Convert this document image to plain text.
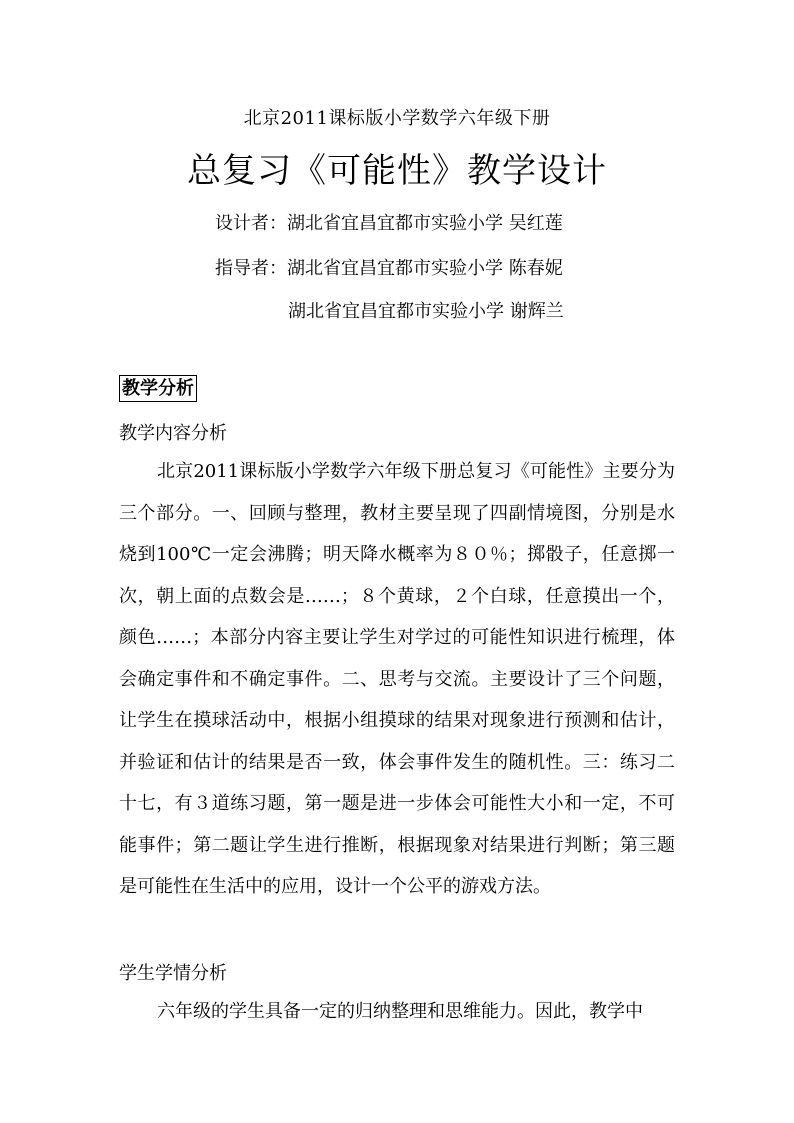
北京2011课标版小学数学六年级下册
总复习《可能性》教学设计
设计者：湖北省宜昌宜都市实验小学 吴红莲
指导者：湖北省宜昌宜都市实验小学 陈春妮
湖北省宜昌宜都市实验小学 谢辉兰
教学分析
教学内容分析
北京2011课标版小学数学六年级下册总复习《可能性》主要分为三个部分。一、回顾与整理，教材主要呈现了四副情境图，分别是水烧到100℃一定会沸腾；明天降水概率为８０％；掷骰子，任意掷一次，朝上面的点数会是……；８个黄球，２个白球，任意摸出一个，颜色……；本部分内容主要让学生对学过的可能性知识进行梳理，体会确定事件和不确定事件。二、思考与交流。主要设计了三个问题，让学生在摸球活动中，根据小组摸球的结果对现象进行预测和估计，并验证和估计的结果是否一致，体会事件发生的随机性。三：练习二十七，有３道练习题，第一题是进一步体会可能性大小和一定，不可能事件；第二题让学生进行推断，根据现象对结果进行判断；第三题是可能性在生活中的应用，设计一个公平的游戏方法。
学生学情分析
六年级的学生具备一定的归纳整理和思维能力。因此，教学中
